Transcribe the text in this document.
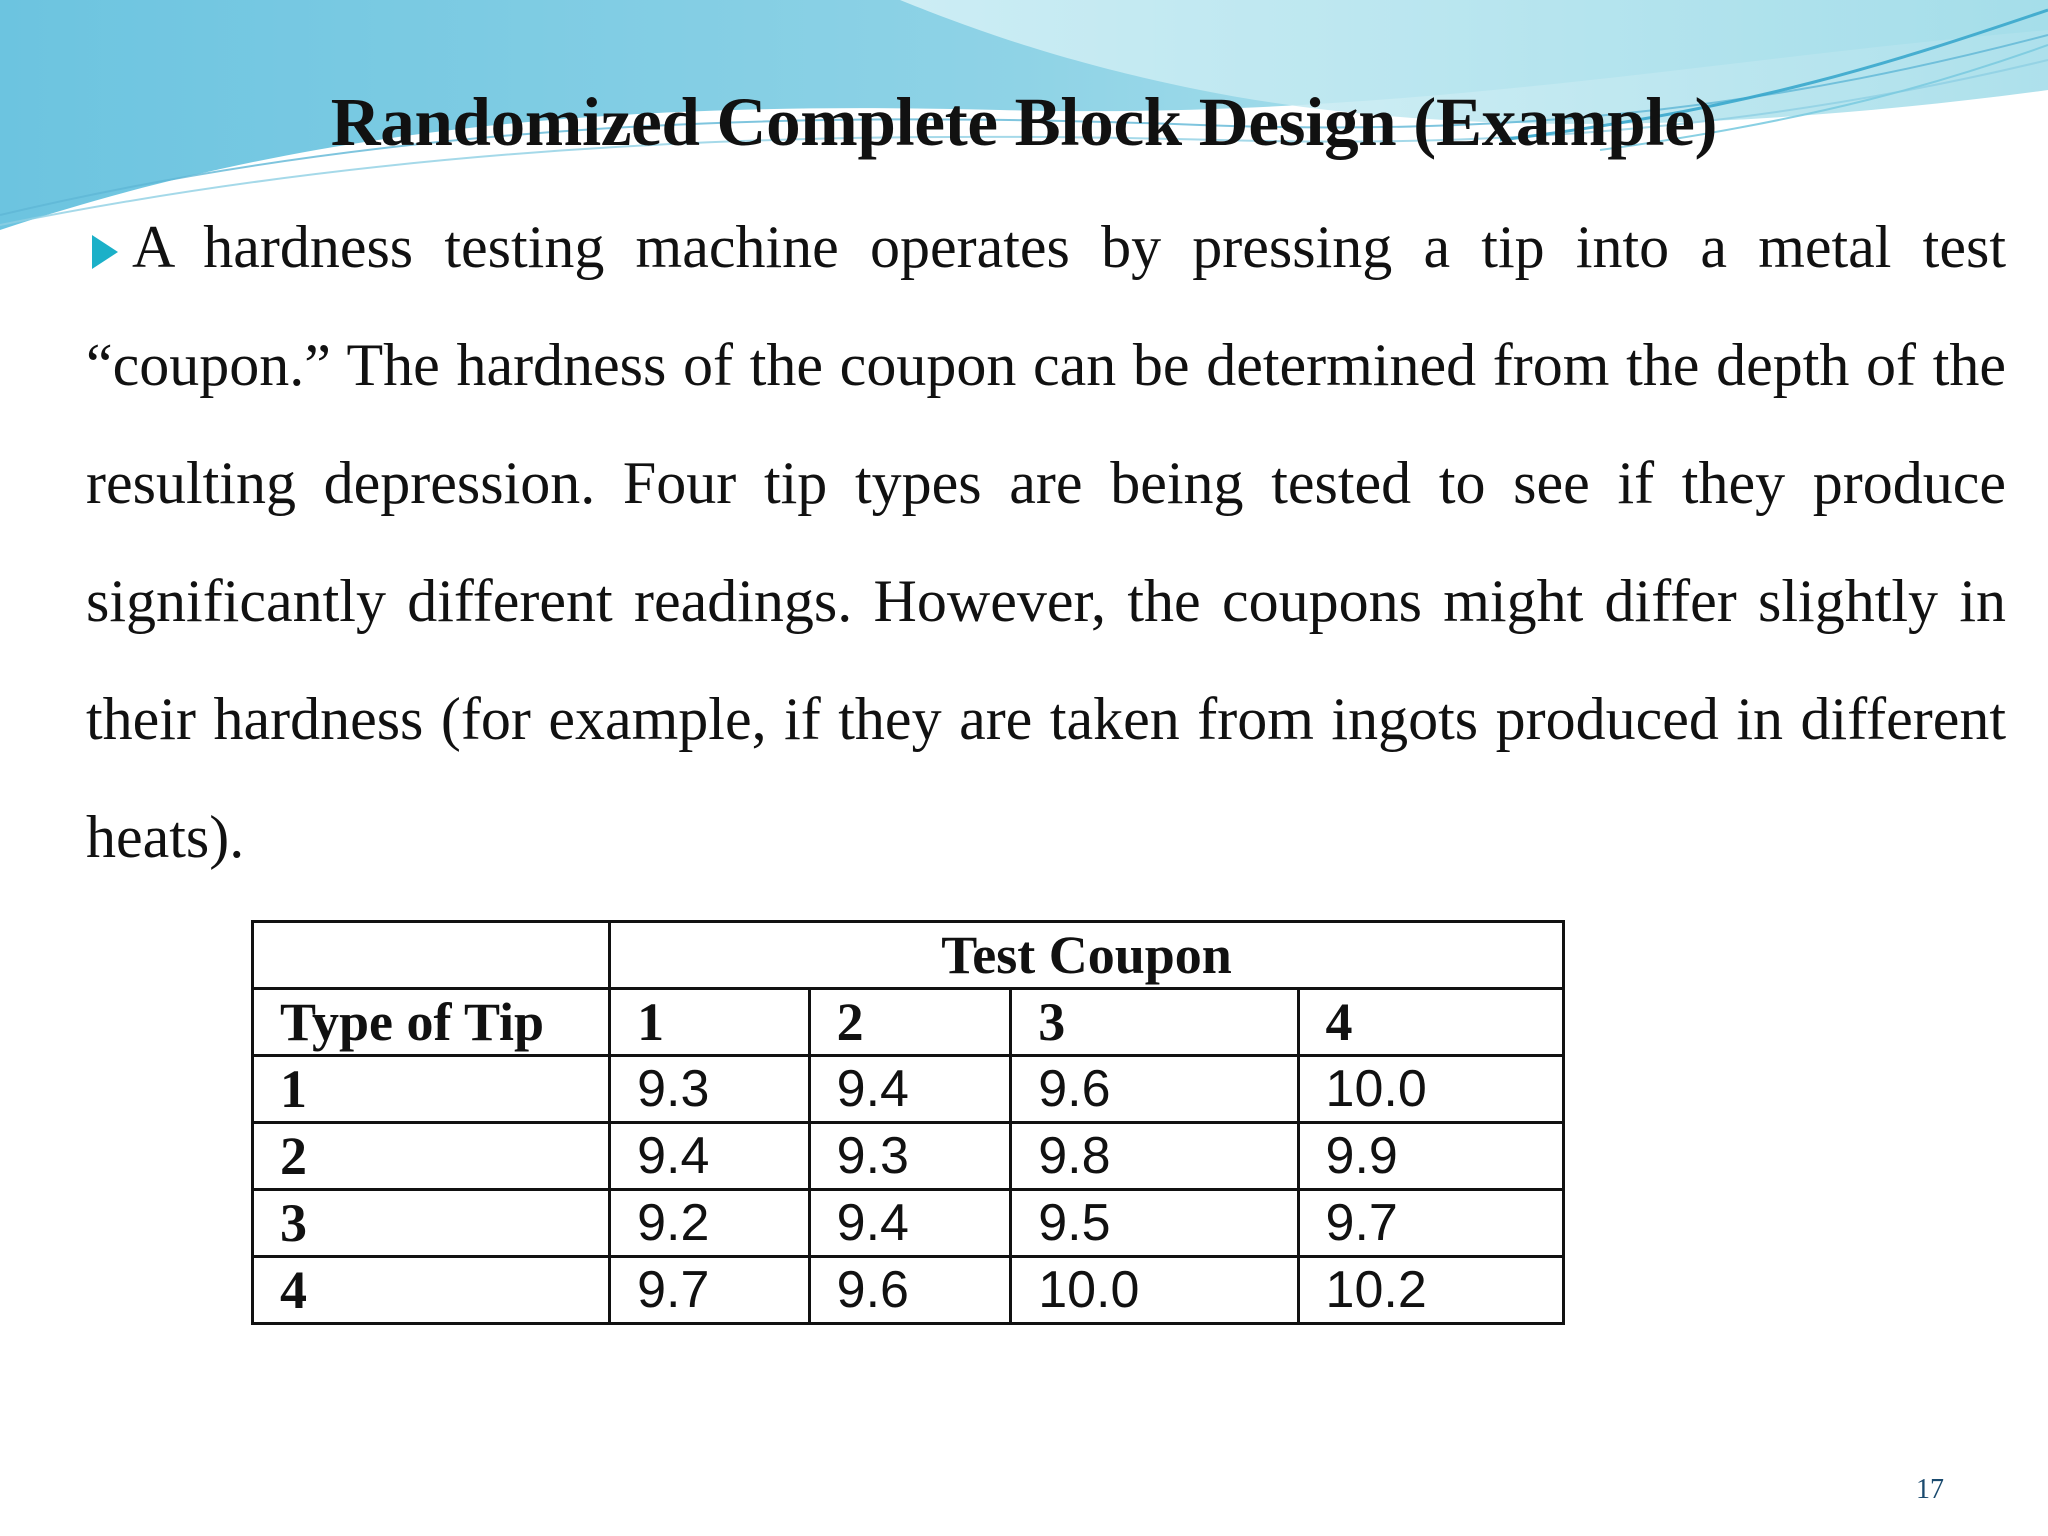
Randomized Complete Block Design (Example)
A hardness testing machine operates by pressing a tip into a metal test “coupon.” The hardness of the coupon can be determined from the depth of the resulting depression. Four tip types are being tested to see if they produce significantly different readings. However, the coupons might differ slightly in their hardness (for example, if they are taken from ingots produced in different heats).
	Test Coupon			
Type of Tip	1	2	3	4
1	9.3	9.4	9.6	10.0
2	9.4	9.3	9.8	9.9
3	9.2	9.4	9.5	9.7
4	9.7	9.6	10.0	10.2
17
